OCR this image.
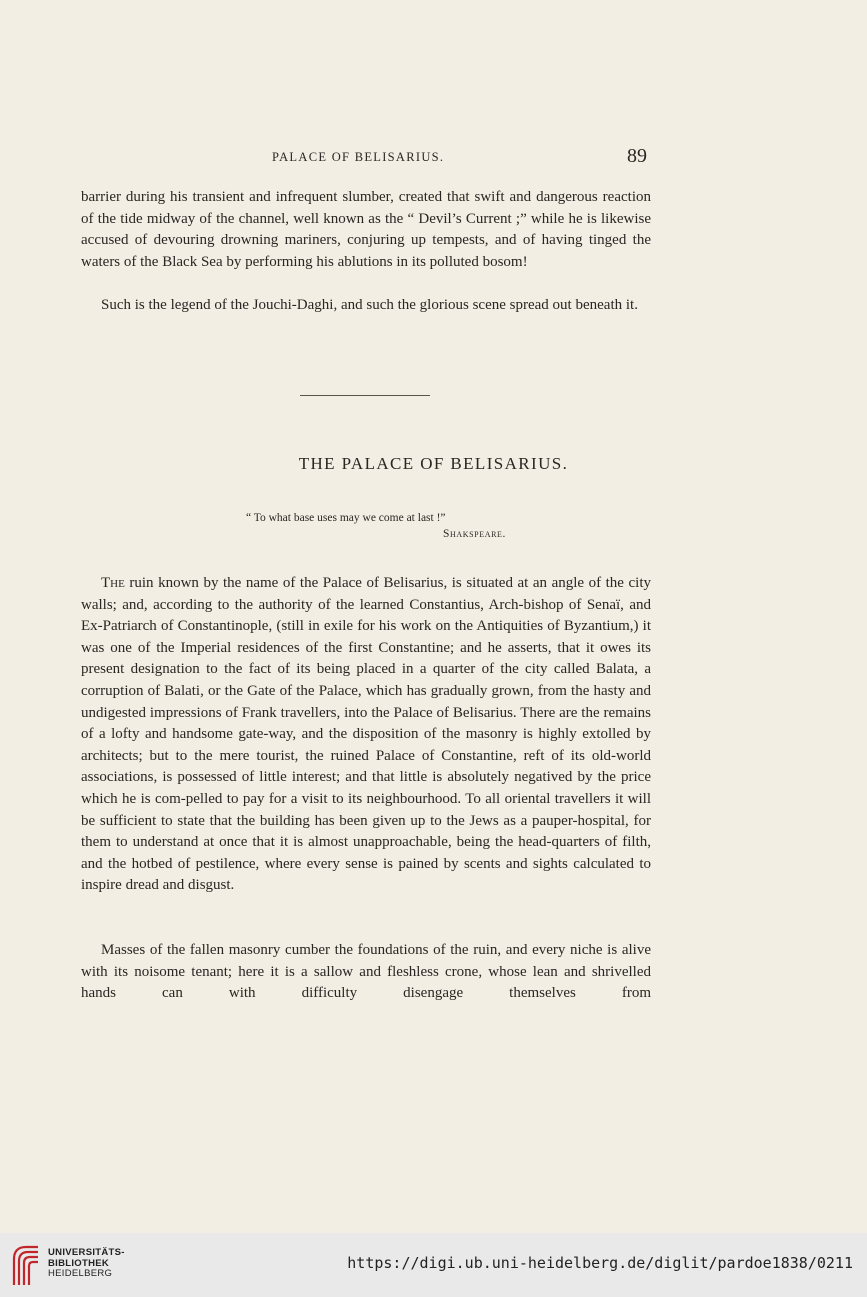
PALACE OF BELISARIUS.	89

barrier during his transient and infrequent slumber, created that swift and dangerous reaction of the tide midway of the channel, well known as the “ Devil’s Current ;” while he is likewise accused of devouring drowning mariners, conjuring up tempests, and of having tinged the waters of the Black Sea by performing his ablutions in its polluted bosom!

Such is the legend of the Jouchi-Daghi, and such the glorious scene spread out beneath it.

THE PALACE OF BELISARIUS.
“ To what base uses may we come at last !”
Shakspeare.

The ruin known by the name of the Palace of Belisarius, is situated at an angle of the city walls; and, according to the authority of the learned Constantius, Arch-bishop of Senaï, and Ex-Patriarch of Constantinople, (still in exile for his work on the Antiquities of Byzantium,) it was one of the Imperial residences of the first Constantine; and he asserts, that it owes its present designation to the fact of its being placed in a quarter of the city called Balata, a corruption of Balati, or the Gate of the Palace, which has gradually grown, from the hasty and undigested impressions of Frank travellers, into the Palace of Belisarius. There are the remains of a lofty and handsome gate-way, and the disposition of the masonry is highly extolled by architects; but to the mere tourist, the ruined Palace of Constantine, reft of its old-world associations, is possessed of little interest; and that little is absolutely negatived by the price which he is com-pelled to pay for a visit to its neighbourhood. To all oriental travellers it will be sufficient to state that the building has been given up to the Jews as a pauper-hospital, for them to understand at once that it is almost unapproachable, being the head-quarters of filth, and the hotbed of pestilence, where every sense is pained by scents and sights calculated to inspire dread and disgust.

Masses of the fallen masonry cumber the foundations of the ruin, and every niche is alive with its noisome tenant; here it is a sallow and fleshless crone, whose lean and shrivelled hands can with difficulty disengage themselves from

UNIVERSITÄTS-
BIBLIOTHEK
HEIDELBERG
https://digi.ub.uni-heidelberg.de/diglit/pardoe1838/0211
